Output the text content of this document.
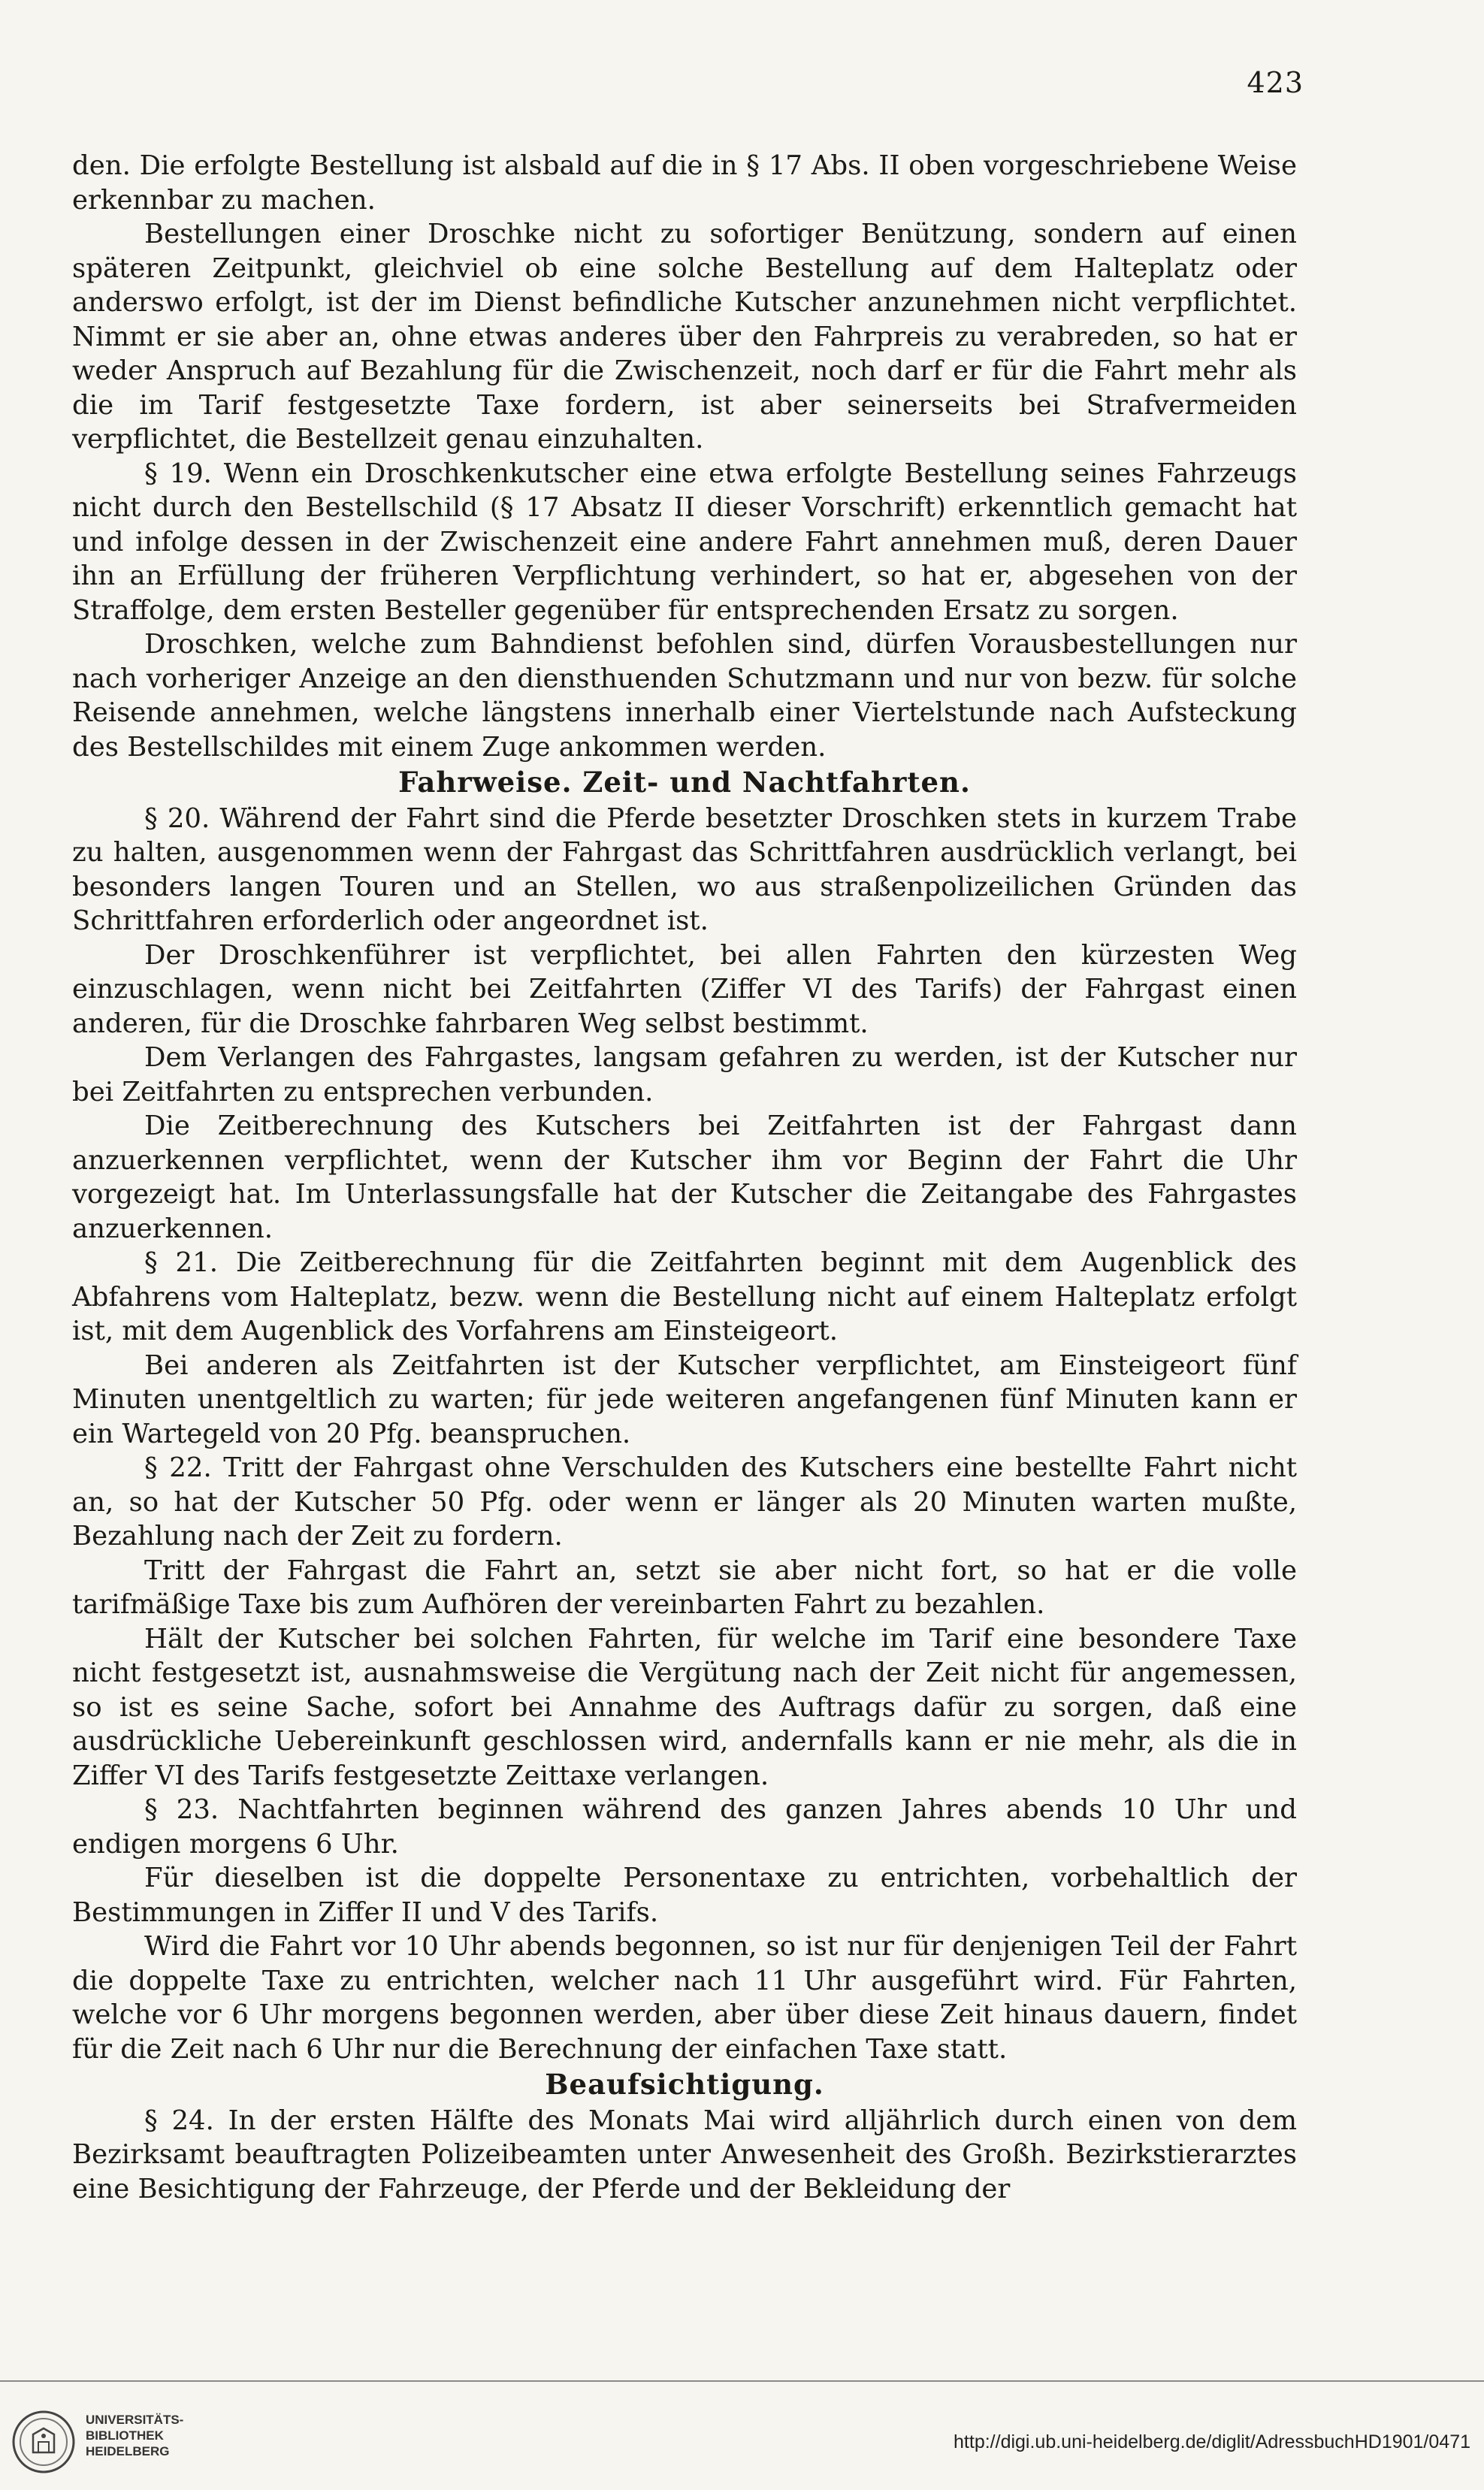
423

den. Die erfolgte Bestellung ist alsbald auf die in § 17 Abs. II oben vorgeschriebene Weise erkennbar zu machen.

Bestellungen einer Droschke nicht zu sofortiger Benützung, sondern auf einen späteren Zeitpunkt, gleichviel ob eine solche Bestellung auf dem Halteplatz oder anderswo erfolgt, ist der im Dienst befindliche Kutscher anzunehmen nicht verpflichtet. Nimmt er sie aber an, ohne etwas anderes über den Fahrpreis zu verabreden, so hat er weder Anspruch auf Bezahlung für die Zwischenzeit, noch darf er für die Fahrt mehr als die im Tarif festgesetzte Taxe fordern, ist aber seinerseits bei Strafvermeiden verpflichtet, die Bestellzeit genau einzuhalten.

§ 19. Wenn ein Droschkenkutscher eine etwa erfolgte Bestellung seines Fahrzeugs nicht durch den Bestellschild (§ 17 Absatz II dieser Vorschrift) erkenntlich gemacht hat und infolge dessen in der Zwischenzeit eine andere Fahrt annehmen muß, deren Dauer ihn an Erfüllung der früheren Verpflichtung verhindert, so hat er, abgesehen von der Straffolge, dem ersten Besteller gegenüber für entsprechenden Ersatz zu sorgen.

Droschken, welche zum Bahndienst befohlen sind, dürfen Vorausbestellungen nur nach vorheriger Anzeige an den diensthuenden Schutzmann und nur von bezw. für solche Reisende annehmen, welche längstens innerhalb einer Viertelstunde nach Aufsteckung des Bestellschildes mit einem Zuge ankommen werden.

Fahrweise. Zeit- und Nachtfahrten.

§ 20. Während der Fahrt sind die Pferde besetzter Droschken stets in kurzem Trabe zu halten, ausgenommen wenn der Fahrgast das Schrittfahren ausdrücklich verlangt, bei besonders langen Touren und an Stellen, wo aus straßenpolizeilichen Gründen das Schrittfahren erforderlich oder angeordnet ist.

Der Droschkenführer ist verpflichtet, bei allen Fahrten den kürzesten Weg einzuschlagen, wenn nicht bei Zeitfahrten (Ziffer VI des Tarifs) der Fahrgast einen anderen, für die Droschke fahrbaren Weg selbst bestimmt.

Dem Verlangen des Fahrgastes, langsam gefahren zu werden, ist der Kutscher nur bei Zeitfahrten zu entsprechen verbunden.

Die Zeitberechnung des Kutschers bei Zeitfahrten ist der Fahrgast dann anzuerkennen verpflichtet, wenn der Kutscher ihm vor Beginn der Fahrt die Uhr vorgezeigt hat. Im Unterlassungsfalle hat der Kutscher die Zeitangabe des Fahrgastes anzuerkennen.

§ 21. Die Zeitberechnung für die Zeitfahrten beginnt mit dem Augenblick des Abfahrens vom Halteplatz, bezw. wenn die Bestellung nicht auf einem Halteplatz erfolgt ist, mit dem Augenblick des Vorfahrens am Einsteigeort.

Bei anderen als Zeitfahrten ist der Kutscher verpflichtet, am Einsteigeort fünf Minuten unentgeltlich zu warten; für jede weiteren angefangenen fünf Minuten kann er ein Wartegeld von 20 Pfg. beanspruchen.

§ 22. Tritt der Fahrgast ohne Verschulden des Kutschers eine bestellte Fahrt nicht an, so hat der Kutscher 50 Pfg. oder wenn er länger als 20 Minuten warten mußte, Bezahlung nach der Zeit zu fordern.

Tritt der Fahrgast die Fahrt an, setzt sie aber nicht fort, so hat er die volle tarifmäßige Taxe bis zum Aufhören der vereinbarten Fahrt zu bezahlen.

Hält der Kutscher bei solchen Fahrten, für welche im Tarif eine besondere Taxe nicht festgesetzt ist, ausnahmsweise die Vergütung nach der Zeit nicht für angemessen, so ist es seine Sache, sofort bei Annahme des Auftrags dafür zu sorgen, daß eine ausdrückliche Uebereinkunft geschlossen wird, andernfalls kann er nie mehr, als die in Ziffer VI des Tarifs festgesetzte Zeittaxe verlangen.

§ 23. Nachtfahrten beginnen während des ganzen Jahres abends 10 Uhr und endigen morgens 6 Uhr.

Für dieselben ist die doppelte Personentaxe zu entrichten, vorbehaltlich der Bestimmungen in Ziffer II und V des Tarifs.

Wird die Fahrt vor 10 Uhr abends begonnen, so ist nur für denjenigen Teil der Fahrt die doppelte Taxe zu entrichten, welcher nach 11 Uhr ausgeführt wird. Für Fahrten, welche vor 6 Uhr morgens begonnen werden, aber über diese Zeit hinaus dauern, findet für die Zeit nach 6 Uhr nur die Berechnung der einfachen Taxe statt.

Beaufsichtigung.

§ 24. In der ersten Hälfte des Monats Mai wird alljährlich durch einen von dem Bezirksamt beauftragten Polizeibeamten unter Anwesenheit des Großh. Bezirkstierarztes eine Besichtigung der Fahrzeuge, der Pferde und der Bekleidung der

UNIVERSITÄTS-
BIBLIOTHEK
HEIDELBERG	http://digi.ub.uni-heidelberg.de/diglit/AdressbuchHD1901/0471
